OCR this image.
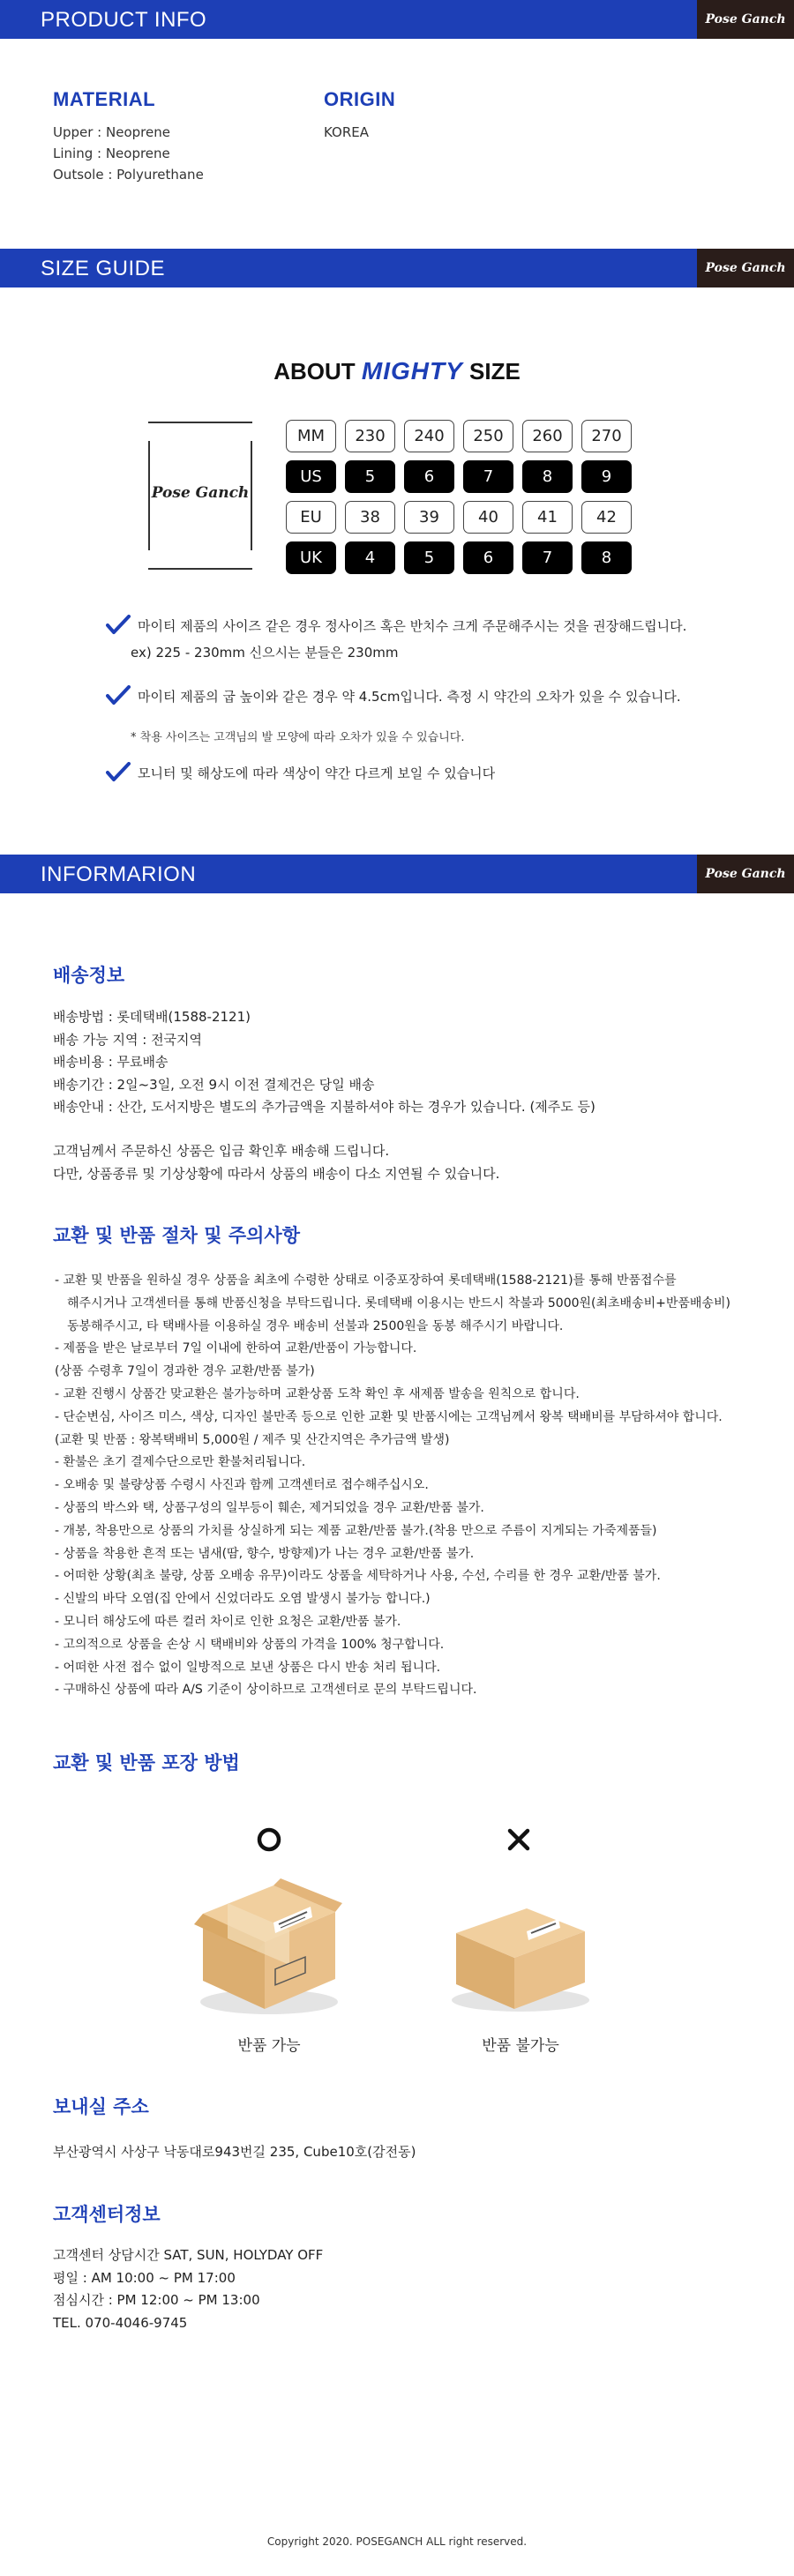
PRODUCT INFO	Pose Ganch
MATERIAL

Upper : Neoprene

Lining : Neoprene

Outsole : Polyurethane

ORIGIN

KOREA

SIZE GUIDE	Pose Ganch
ABOUT MIGHTY SIZE
Pose Ganch
MM	230	240	250	260	270
US	5	6	7	8	9
EU	38	39	40	41	42
UK	4	5	6	7	8
마이티 제품의 사이즈 같은 경우 정사이즈 혹은 반치수 크게 주문해주시는 것을 권장해드립니다.
ex) 225 - 230mm 신으시는 분들은 230mm
마이티 제품의 굽 높이와 같은 경우 약 4.5cm입니다. 측정 시 약간의 오차가 있을 수 있습니다.
* 착용 사이즈는 고객님의 발 모양에 따라 오차가 있을 수 있습니다.
모니터 및 해상도에 따라 색상이 약간 다르게 보일 수 있습니다
INFORMARION	Pose Ganch
배송정보
배송방법 : 롯데택배(1588-2121)
배송 가능 지역 : 전국지역
배송비용 : 무료배송
배송기간 : 2일~3일, 오전 9시 이전 결제건은 당일 배송
배송안내 : 산간, 도서지방은 별도의 추가금액을 지불하셔야 하는 경우가 있습니다. (제주도 등)
고객님께서 주문하신 상품은 입금 확인후 배송해 드립니다.
다만, 상품종류 및 기상상황에 따라서 상품의 배송이 다소 지연될 수 있습니다.
교환 및 반품 절차 및 주의사항
- 교환 및 반품을 원하실 경우 상품을 최초에 수령한 상태로 이중포장하여 롯데택배(1588-2121)를 통해 반품접수를
해주시거나 고객센터를 통해 반품신청을 부탁드립니다. 롯데택배 이용시는 반드시 착불과 5000원(최초배송비+반품배송비)
동봉해주시고, 타 택배사를 이용하실 경우 배송비 선불과 2500원을 동봉 해주시기 바랍니다.
- 제품을 받은 날로부터 7일 이내에 한하여 교환/반품이 가능합니다.
(상품 수령후 7일이 경과한 경우 교환/반품 불가)
- 교환 진행시 상품간 맞교환은 불가능하며 교환상품 도착 확인 후 새제품 발송을 원칙으로 합니다.
- 단순변심, 사이즈 미스, 색상, 디자인 불만족 등으로 인한 교환 및 반품시에는 고객님께서 왕복 택배비를 부담하셔야 합니다.
(교환 및 반품 : 왕복택배비 5,000원 / 제주 및 산간지역은 추가금액 발생)
- 환불은 초기 결제수단으로만 환불처리됩니다.
- 오배송 및 불량상품 수령시 사진과 함께 고객센터로 접수해주십시오.
- 상품의 박스와 택, 상품구성의 일부등이 훼손, 제거되었을 경우 교환/반품 불가.
- 개봉, 착용만으로 상품의 가치를 상실하게 되는 제품 교환/반품 불가.(착용 만으로 주름이 지게되는 가죽제품들)
- 상품을 착용한 흔적 또는 냄새(땀, 향수, 방향제)가 나는 경우 교환/반품 불가.
- 어떠한 상황(최초 불량, 상품 오배송 유무)이라도 상품을 세탁하거나 사용, 수선, 수리를 한 경우 교환/반품 불가.
- 신발의 바닥 오염(집 안에서 신었더라도 오염 발생시 불가능 합니다.)
- 모니터 해상도에 따른 컬러 차이로 인한 요청은 교환/반품 불가.
- 고의적으로 상품을 손상 시 택배비와 상품의 가격을 100% 청구합니다.
- 어떠한 사전 접수 없이 일방적으로 보낸 상품은 다시 반송 처리 됩니다.
- 구매하신 상품에 따라 A/S 기준이 상이하므로 고객센터로 문의 부탁드립니다.
교환 및 반품 포장 방법
반품 가능	반품 불가능
보내실 주소
부산광역시 사상구 낙동대로943번길 235, Cube10호(감전동)
고객센터정보
고객센터 상담시간 SAT, SUN, HOLYDAY OFF
평일 : AM 10:00 ~ PM 17:00
점심시간 : PM 12:00 ~ PM 13:00
TEL. 070-4046-9745
Copyright 2020. POSEGANCH ALL right reserved.
